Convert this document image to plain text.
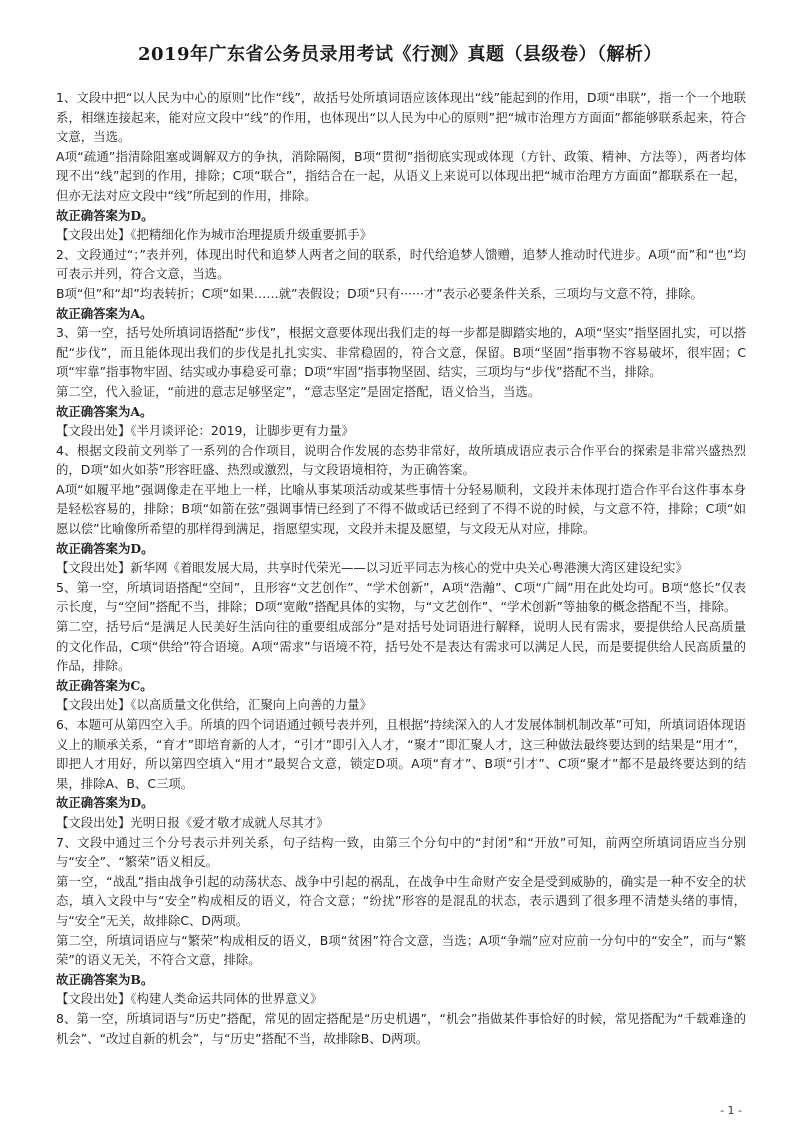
2019年广东省公务员录用考试《行测》真题（县级卷）（解析）

1、文段中把“以人民为中心的原则”比作“线”，故括号处所填词语应该体现出“线”能起到的作用，D项“串联”，指一个一个地联系，相继连接起来，能对应文段中“线”的作用，也体现出“以人民为中心的原则”把“城市治理方方面面”都能够联系起来，符合文意，当选。

A项“疏通”指清除阻塞或调解双方的争执，消除隔阂，B项“贯彻”指彻底实现或体现（方针、政策、精神、方法等），两者均体现不出“线”起到的作用，排除；C项“联合”，指结合在一起，从语义上来说可以体现出把“城市治理方方面面”都联系在一起，但亦无法对应文段中“线”所起到的作用，排除。

故正确答案为D。

【文段出处】《把精细化作为城市治理提质升级重要抓手》

2、文段通过“；”表并列，体现出时代和追梦人两者之间的联系，时代给追梦人馈赠，追梦人推动时代进步。A项“而”和“也”均可表示并列，符合文意，当选。

B项“但”和“却”均表转折；C项“如果……就”表假设；D项“只有······才”表示必要条件关系，三项均与文意不符，排除。

故正确答案为A。

3、第一空，括号处所填词语搭配“步伐”，根据文意要体现出我们走的每一步都是脚踏实地的，A项“坚实”指坚固扎实，可以搭配“步伐”，而且能体现出我们的步伐是扎扎实实、非常稳固的，符合文意，保留。B项“坚固”指事物不容易破坏，很牢固；C项“牢靠”指事物牢固、结实或办事稳妥可靠；D项“牢固”指事物坚固、结实，三项均与“步伐”搭配不当，排除。

第二空，代入验证，“前进的意志足够坚定”，“意志坚定”是固定搭配，语义恰当，当选。

故正确答案为A。

【文段出处】《半月谈评论：2019，让脚步更有力量》

4、根据文段前文列举了一系列的合作项目，说明合作发展的态势非常好，故所填成语应表示合作平台的探索是非常兴盛热烈的，D项“如火如荼”形容旺盛、热烈或激烈，与文段语境相符，为正确答案。

A项“如履平地”强调像走在平地上一样，比喻从事某项活动或某些事情十分轻易顺利，文段并未体现打造合作平台这件事本身是轻松容易的，排除；B项“如箭在弦”强调事情已经到了不得不做或话已经到了不得不说的时候，与文意不符，排除；C项“如愿以偿”比喻像所希望的那样得到满足，指愿望实现，文段并未提及愿望，与文段无从对应，排除。

故正确答案为D。

【文段出处】新华网《着眼发展大局，共享时代荣光——以习近平同志为核心的党中央关心粤港澳大湾区建设纪实》

5、第一空，所填词语搭配“空间”，且形容“文艺创作”、“学术创新”，A项“浩瀚”、C项“广阔”用在此处均可。B项“悠长”仅表示长度，与“空间”搭配不当，排除；D项“宽敞”搭配具体的实物，与“文艺创作”、“学术创新”等抽象的概念搭配不当，排除。

第二空，括号后“是满足人民美好生活向往的重要组成部分”是对括号处词语进行解释，说明人民有需求，要提供给人民高质量的文化作品，C项“供给”符合语境。A项“需求”与语境不符，括号处不是表达有需求可以满足人民，而是要提供给人民高质量的作品，排除。

故正确答案为C。

【文段出处】《以高质量文化供给，汇聚向上向善的力量》

6、本题可从第四空入手。所填的四个词语通过顿号表并列，且根据“持续深入的人才发展体制机制改革”可知，所填词语体现语义上的顺承关系，“育才”即培育新的人才，“引才”即引入人才，“聚才”即汇聚人才，这三种做法最终要达到的结果是“用才”，即把人才用好，所以第四空填入“用才”最契合文意，锁定D项。A项“育才”、B项“引才”、C项“聚才”都不是最终要达到的结果，排除A、B、C三项。

故正确答案为D。

【文段出处】光明日报《爱才敬才成就人尽其才》

7、文段中通过三个分号表示并列关系，句子结构一致，由第三个分句中的“封闭”和“开放”可知，前两空所填词语应当分别与“安全”、“繁荣”语义相反。

第一空，“战乱”指由战争引起的动荡状态、战争中引起的祸乱，在战争中生命财产安全是受到威胁的，确实是一种不安全的状态，填入文段中与“安全”构成相反的语义，符合文意；“纷扰”形容的是混乱的状态，表示遇到了很多理不清楚头绪的事情，与“安全”无关，故排除C、D两项。

第二空，所填词语应与“繁荣”构成相反的语义，B项“贫困”符合文意，当选；A项“争端”应对应前一分句中的“安全”，而与“繁荣”的语义无关，不符合文意，排除。

故正确答案为B。

【文段出处】《构建人类命运共同体的世界意义》

8、第一空，所填词语与“历史”搭配，常见的固定搭配是“历史机遇”，“机会”指做某件事恰好的时候，常见搭配为“千载难逢的机会”、“改过自新的机会”，与“历史”搭配不当，故排除B、D两项。

- 1 -
